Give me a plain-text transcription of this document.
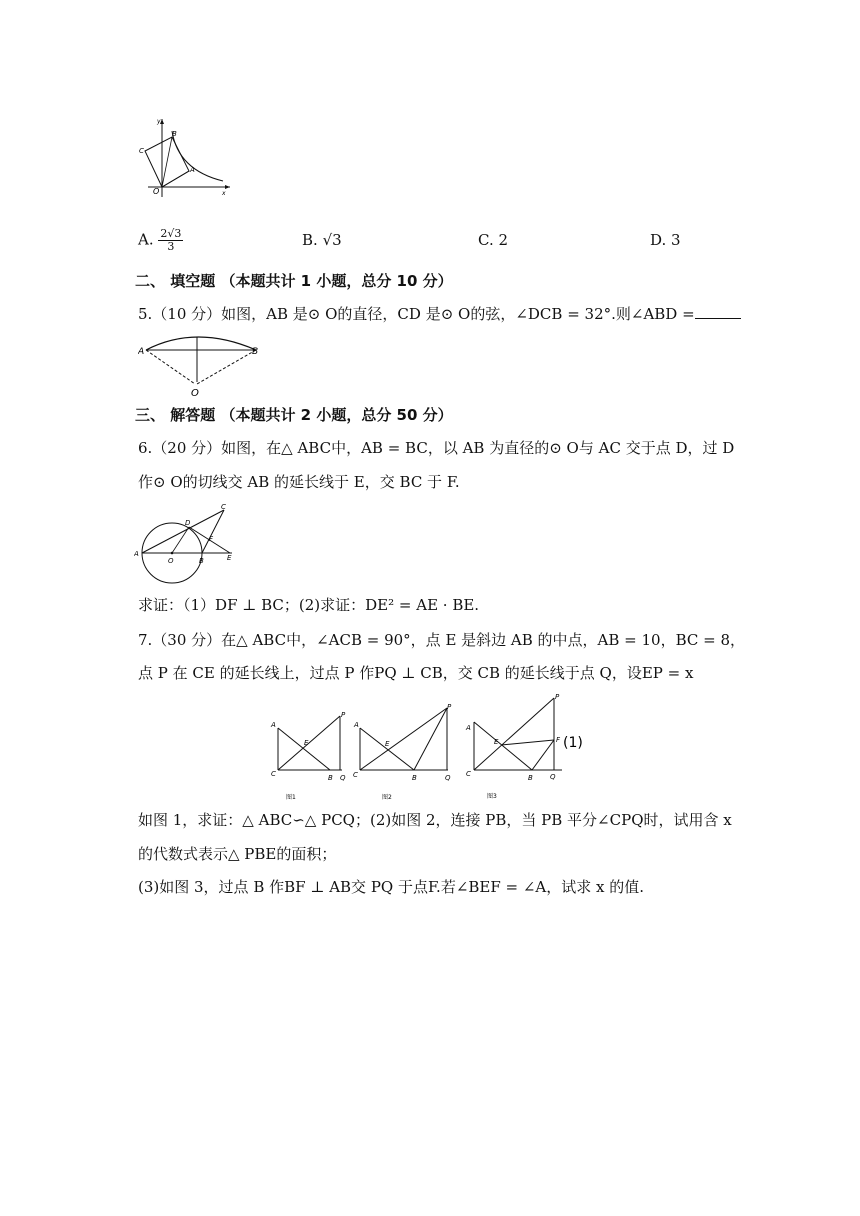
y
x
O
A
B
C
A. $\frac{2√3}{3}$	B. √3	C. 2	D. 3
二、 填空题 （本题共计 1 小题，总分 10 分）
5.（10 分）如图，AB 是⊙ O的直径，CD 是⊙ O的弦，∠DCB = 32°.则∠ABD =
A	B
O
三、 解答题 （本题共计 2 小题，总分 50 分）
6.（20 分）如图，在△ ABC中，AB = BC，以 AB 为直径的⊙ O与 AC 交于点 D，过 D
作⊙ O的切线交 AB 的延长线于 E，交 BC 于 F.
A
B
C
D
E
F
O
求证：（1）DF ⊥ BC；(2)求证：DE² = AE · BE.
7.（30 分）在△ ABC中，∠ACB = 90°，点 E 是斜边 AB 的中点，AB = 10，BC = 8，
点 P 在 CE 的延长线上，过点 P 作PQ ⊥ CB，交 CB 的延长线于点 Q，设EP = x
A
C
E
B Q
P
图1
A
C
E
B	Q
P
图2
A
C
E
B Q
P
F (1)
图3
如图 1，求证：△ ABC∽△ PCQ；(2)如图 2，连接 PB，当 PB 平分∠CPQ时，试用含 x
的代数式表示△ PBE的面积；
(3)如图 3，过点 B 作BF ⊥ AB交 PQ 于点F.若∠BEF = ∠A，试求 x 的值.
